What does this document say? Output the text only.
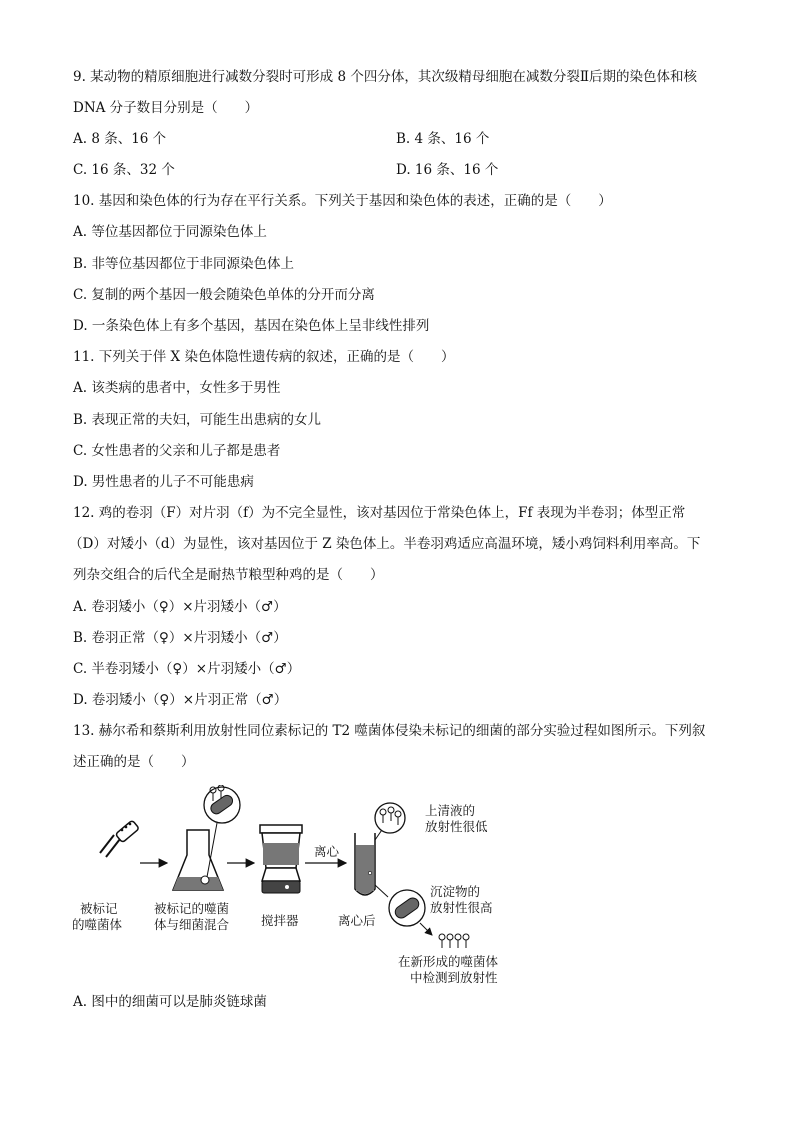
9. 某动物的精原细胞进行减数分裂时可形成 8 个四分体，其次级精母细胞在减数分裂Ⅱ后期的染色体和核
DNA 分子数目分别是（　　）
A. 8 条、16 个	B. 4 条、16 个
C. 16 条、32 个	D. 16 条、16 个
10. 基因和染色体的行为存在平行关系。下列关于基因和染色体的表述，正确的是（　　）
A. 等位基因都位于同源染色体上
B. 非等位基因都位于非同源染色体上
C. 复制的两个基因一般会随染色单体的分开而分离
D. 一条染色体上有多个基因，基因在染色体上呈非线性排列
11. 下列关于伴 X 染色体隐性遗传病的叙述，正确的是（　　）
A. 该类病的患者中，女性多于男性
B. 表现正常的夫妇，可能生出患病的女儿
C. 女性患者的父亲和儿子都是患者
D. 男性患者的儿子不可能患病
12. 鸡的卷羽（F）对片羽（f）为不完全显性，该对基因位于常染色体上，Ff 表现为半卷羽；体型正常
（D）对矮小（d）为显性，该对基因位于 Z 染色体上。半卷羽鸡适应高温环境，矮小鸡饲料利用率高。下
列杂交组合的后代全是耐热节粮型种鸡的是（　　）
A. 卷羽矮小（♀）×片羽矮小（♂）
B. 卷羽正常（♀）×片羽矮小（♂）
C. 半卷羽矮小（♀）×片羽矮小（♂）
D. 卷羽矮小（♀）×片羽正常（♂）
13. 赫尔希和蔡斯利用放射性同位素标记的 T2 噬菌体侵染未标记的细菌的部分实验过程如图所示。下列叙
述正确的是（　　）
被标记
的噬菌体
被标记的噬菌
体与细菌混合	搅拌器
离心
离心后
上清液的
放射性很低
沉淀物的
放射性很高
在新形成的噬菌体
中检测到放射性
A. 图中的细菌可以是肺炎链球菌
